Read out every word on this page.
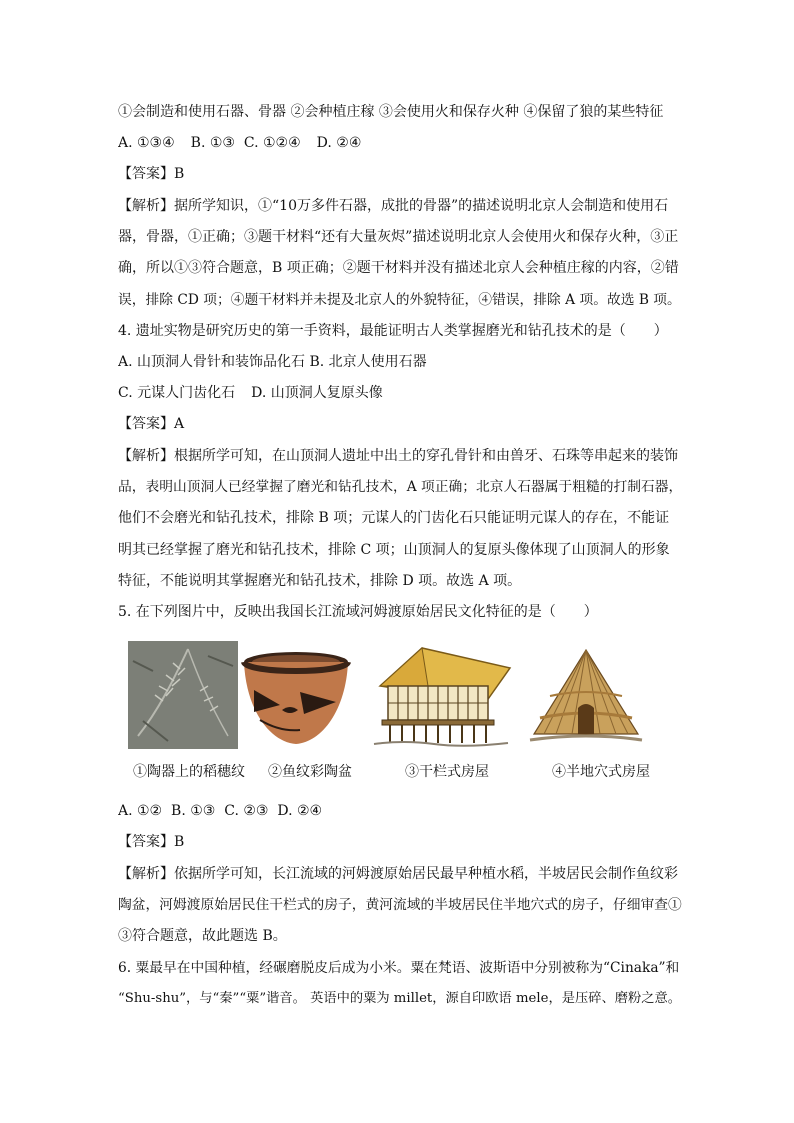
①会制造和使用石器、骨器 ②会种植庄稼 ③会使用火和保存火种 ④保留了狼的某些特征
A. ①③④ B. ①③ C. ①②④ D. ②④
【答案】B
【解析】据所学知识，①“10万多件石器，成批的骨器”的描述说明北京人会制造和使用石
器，骨器，①正确；③题干材料“还有大量灰烬”描述说明北京人会使用火和保存火种，③正
确，所以①③符合题意，B 项正确；②题干材料并没有描述北京人会种植庄稼的内容，②错
误，排除 CD 项；④题干材料并未提及北京人的外貌特征，④错误，排除 A 项。故选 B 项。
4. 遗址实物是研究历史的第一手资料，最能证明古人类掌握磨光和钻孔技术的是（　　）
A. 山顶洞人骨针和装饰品化石 B. 北京人使用石器
C. 元谋人门齿化石 D. 山顶洞人复原头像
【答案】A
【解析】根据所学可知，在山顶洞人遗址中出土的穿孔骨针和由兽牙、石珠等串起来的装饰
品，表明山顶洞人已经掌握了磨光和钻孔技术，A 项正确；北京人石器属于粗糙的打制石器，
他们不会磨光和钻孔技术，排除 B 项；元谋人的门齿化石只能证明元谋人的存在，不能证
明其已经掌握了磨光和钻孔技术，排除 C 项；山顶洞人的复原头像体现了山顶洞人的形象
特征，不能说明其掌握磨光和钻孔技术，排除 D 项。故选 A 项。
5. 在下列图片中，反映出我国长江流域河姆渡原始居民文化特征的是（　　）
①陶器上的稻穗纹 ②鱼纹彩陶盆	③干栏式房屋	④半地穴式房屋
A. ①② B. ①③ C. ②③ D. ②④
【答案】B
【解析】依据所学可知，长江流域的河姆渡原始居民最早种植水稻，半坡居民会制作鱼纹彩
陶盆，河姆渡原始居民住干栏式的房子，黄河流域的半坡居民住半地穴式的房子，仔细审查①
③符合题意，故此题选 B。
6. 粟最早在中国种植，经碾磨脱皮后成为小米。粟在梵语、波斯语中分别被称为“Cinaka”和
“Shu-shu”，与“秦”“粟”谐音。 英语中的粟为 millet，源自印欧语 mele，是压碎、磨粉之意。
